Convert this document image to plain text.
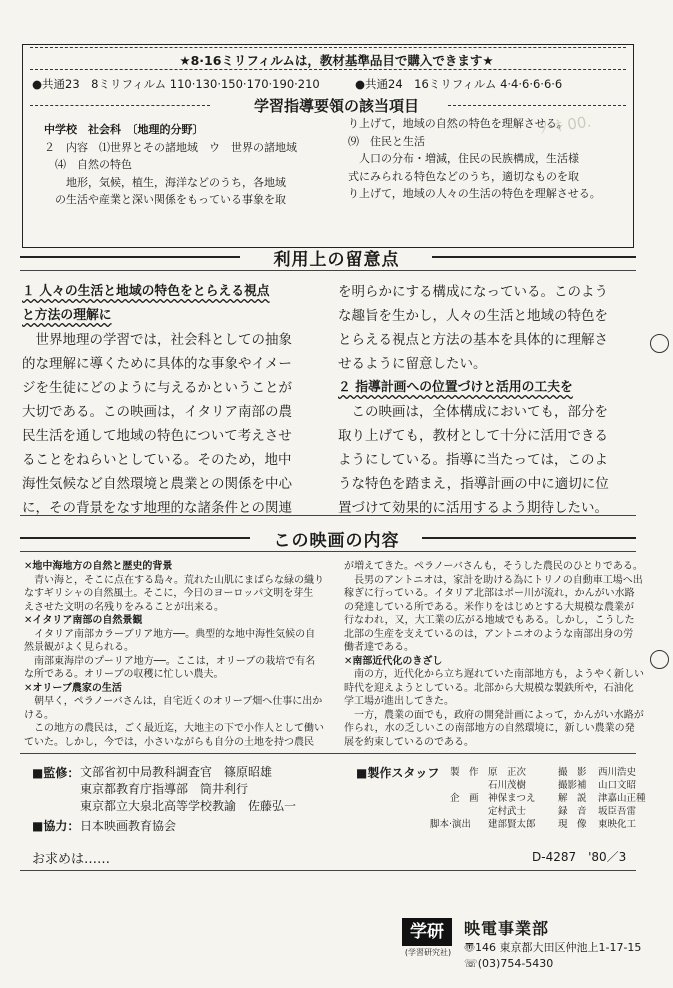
★8·16ミリフィルムは，教材基準品目で購入できます★
●共通23　8ミリフィルム 110·130·150·170·190·210	●共通24　16ミリフィルム 4·4·6·6·6·6
学習指導要領の該当項目
ﾉｰｷ 00.
中学校　社会科　〔地理的分野〕
２　内容　⑴世界とその諸地域　ウ　世界の諸地域
　⑷　自然の特色
　　地形，気候，植生，海洋などのうち，各地域
　の生活や産業と深い関係をもっている事象を取
り上げて，地域の自然の特色を理解させる。
⑼　住民と生活
　人口の分布・増減，住民の民族構成，生活様
式にみられる特色などのうち，適切なものを取
り上げて，地域の人々の生活の特色を理解させる。
利用上の留意点
１ 人々の生活と地域の特色をとらえる視点
と方法の理解に
　世界地理の学習では，社会科としての抽象
的な理解に導くために具体的な事象やイメー
ジを生徒にどのように与えるかということが
大切である。この映画は，イタリア南部の農
民生活を通して地域の特色について考えさせ
ることをねらいとしている。そのため，地中
海性気候など自然環境と農業との関係を中心
に，その背景をなす地理的な諸条件との関連
を明らかにする構成になっている。このよう
な趣旨を生かし，人々の生活と地域の特色を
とらえる視点と方法の基本を具体的に理解さ
せるように留意したい。
２ 指導計画への位置づけと活用の工夫を
　この映画は，全体構成においても，部分を
取り上げても，教材として十分に活用できる
ようにしている。指導に当たっては，このよ
うな特色を踏まえ，指導計画の中に適切に位
置づけて効果的に活用するよう期待したい。
この映画の内容
✕地中海地方の自然と歴史的背景
　青い海と，そこに点在する島々。荒れた山肌にまばらな緑の織り
なすギリシャの自然風土。そこに，今日のヨーロッパ文明を芽生
えさせた文明の名残りをみることが出来る。
✕イタリア南部の自然景観
　イタリア南部カラーブリア地方──。典型的な地中海性気候の自
然景観がよく見られる。
　南部東海岸のプーリア地方──。ここは，オリーブの栽培で有名
な所である。オリーブの収穫に忙しい農夫。
✕オリーブ農家の生活
　朝早く，ペラノーバさんは，自宅近くのオリーブ畑へ仕事に出か
ける。
　この地方の農民は，ごく最近迄，大地主の下で小作人として働い
ていた。しかし，今では，小さいながらも自分の土地を持つ農民
が増えてきた。ペラノーバさんも，そうした農民のひとりである。
　長男のアントニオは，家計を助ける為にトリノの自動車工場へ出
稼ぎに行っている。イタリア北部はポー川が流れ，かんがい水路
の発達している所である。米作りをはじめとする大規模な農業が
行なわれ，又，大工業の広がる地域でもある。しかし，こうした
北部の生産を支えているのは，アントニオのような南部出身の労
働者達である。
✕南部近代化のきざし
　南の方，近代化から立ち遅れていた南部地方も，ようやく新しい
時代を迎えようとしている。北部から大規模な製鉄所や，石油化
学工場が進出してきた。
　一方，農業の面でも，政府の開発計画によって，かんがい水路が
作られ，水の乏しいこの南部地方の自然環境に，新しい農業の発
展を約束しているのである。
■監修： 文部省初中局教科調査官　篠原昭雄
東京都教育庁指導部　筒井利行
東京都立大泉北高等学校教諭　佐藤弘一
■協力： 日本映画教育協会
■製作スタッフ 製　作 原　正次	撮　影 西川浩史
石川茂樹	撮影補 山口文昭
企　画 神保まつえ 解　説 津嘉山正種
定村武士	録　音 坂臣吾雷
脚本·演出 建部賢太郎 現　像 東映化工
お求めは……	D-4287　'80／3
学研
(学習研究社)
映電事業部
〠146 東京都大田区仲池上1-17-15
☏(03)754-5430
